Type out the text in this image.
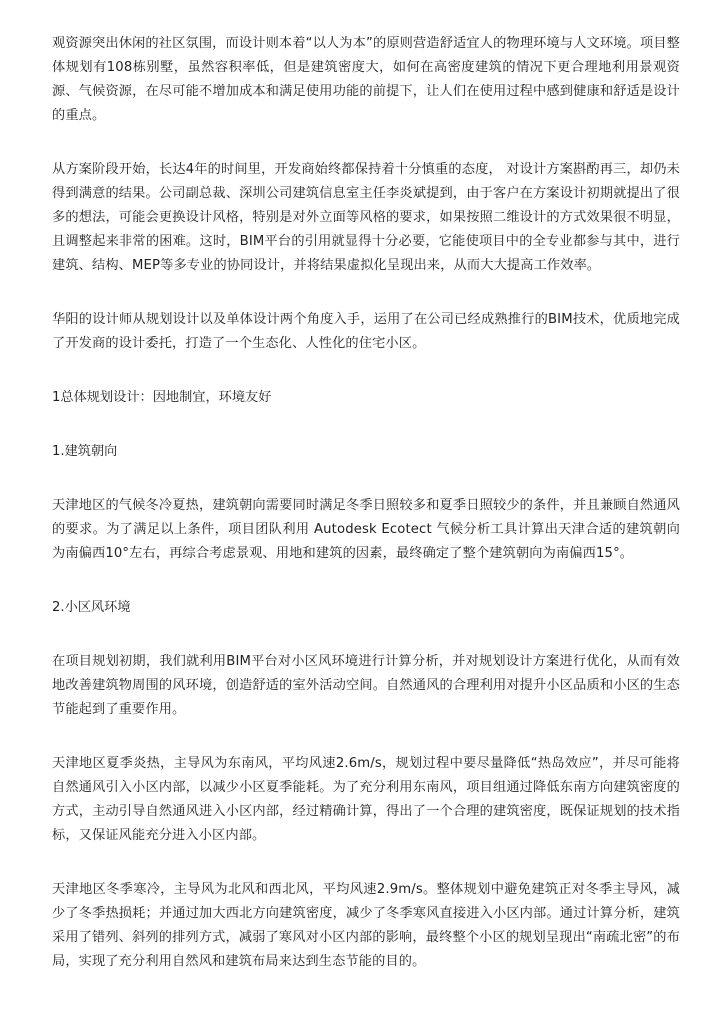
观资源突出休闲的社区氛围，而设计则本着“以人为本”的原则营造舒适宜人的物理环境与人文环境。项目整体规划有108栋别墅，虽然容积率低，但是建筑密度大，如何在高密度建筑的情况下更合理地利用景观资源、气候资源，在尽可能不增加成本和满足使用功能的前提下，让人们在使用过程中感到健康和舒适是设计的重点。

从方案阶段开始，长达4年的时间里，开发商始终都保持着十分慎重的态度， 对设计方案斟酌再三，却仍未得到满意的结果。公司副总裁、深圳公司建筑信息室主任李炎斌提到，由于客户在方案设计初期就提出了很多的想法，可能会更换设计风格，特别是对外立面等风格的要求，如果按照二维设计的方式效果很不明显，且调整起来非常的困难。这时，BIM平台的引用就显得十分必要，它能使项目中的全专业都参与其中，进行建筑、结构、MEP等多专业的协同设计，并将结果虚拟化呈现出来，从而大大提高工作效率。

华阳的设计师从规划设计以及单体设计两个角度入手，运用了在公司已经成熟推行的BIM技术，优质地完成了开发商的设计委托，打造了一个生态化、人性化的住宅小区。

1总体规划设计：因地制宜，环境友好

1.建筑朝向

天津地区的气候冬冷夏热，建筑朝向需要同时满足冬季日照较多和夏季日照较少的条件，并且兼顾自然通风的要求。为了满足以上条件，项目团队利用 Autodesk Ecotect 气候分析工具计算出天津合适的建筑朝向为南偏西10°左右，再综合考虑景观、用地和建筑的因素，最终确定了整个建筑朝向为南偏西15°。

2.小区风环境

在项目规划初期，我们就利用BIM平台对小区风环境进行计算分析，并对规划设计方案进行优化，从而有效地改善建筑物周围的风环境，创造舒适的室外活动空间。自然通风的合理利用对提升小区品质和小区的生态节能起到了重要作用。

天津地区夏季炎热，主导风为东南风，平均风速2.6m/s，规划过程中要尽量降低“热岛效应”，并尽可能将自然通风引入小区内部，以减少小区夏季能耗。为了充分利用东南风，项目组通过降低东南方向建筑密度的方式，主动引导自然通风进入小区内部，经过精确计算，得出了一个合理的建筑密度，既保证规划的技术指标，又保证风能充分进入小区内部。

天津地区冬季寒冷，主导风为北风和西北风，平均风速2.9m/s。整体规划中避免建筑正对冬季主导风，减少了冬季热损耗；并通过加大西北方向建筑密度，减少了冬季寒风直接进入小区内部。通过计算分析，建筑采用了错列、斜列的排列方式，减弱了寒风对小区内部的影响，最终整个小区的规划呈现出“南疏北密”的布局，实现了充分利用自然风和建筑布局来达到生态节能的目的。
